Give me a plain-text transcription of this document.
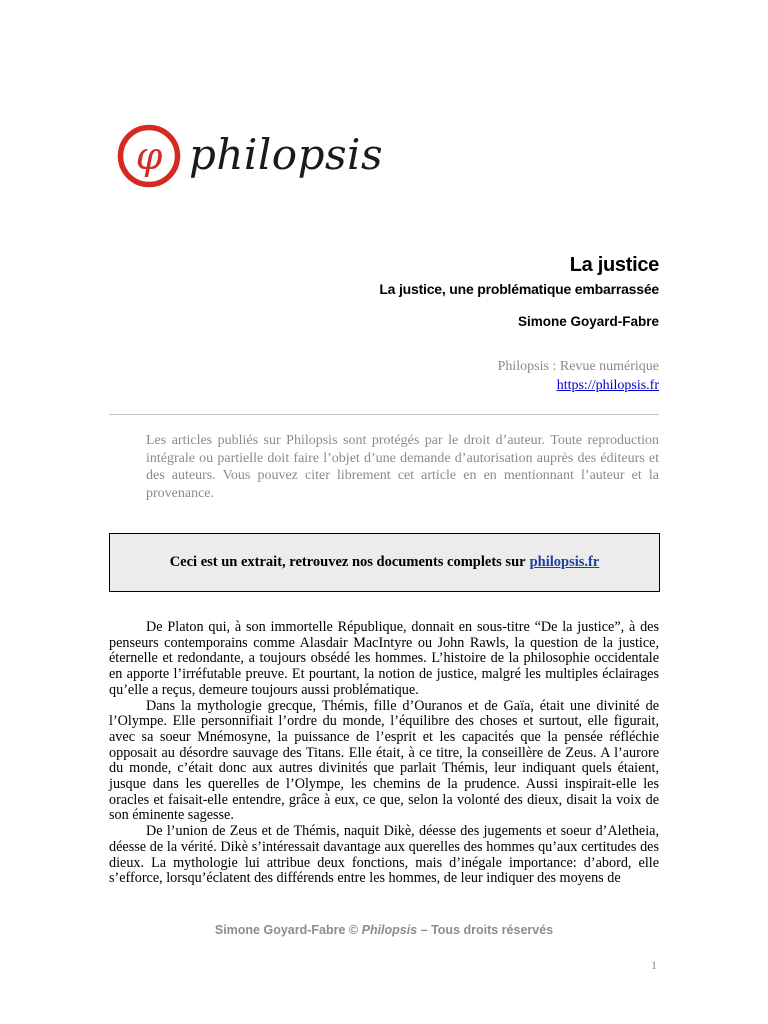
φ philopsis
La justice
La justice, une problématique embarrassée
Simone Goyard-Fabre
Philopsis : Revue numérique
https://philopsis.fr
Les articles publiés sur Philopsis sont protégés par le droit d’auteur. Toute reproduction intégrale ou partielle doit faire l’objet d’une demande d’autorisation auprès des éditeurs et des auteurs. Vous pouvez citer librement cet article en en mentionnant l’auteur et la provenance.
Ceci est un extrait, retrouvez nos documents complets sur philopsis.fr

De Platon qui, à son immortelle République, donnait en sous-titre “De la justice”, à des penseurs contemporains comme Alasdair MacIntyre ou John Rawls, la question de la justice, éternelle et redondante, a toujours obsédé les hommes. L’histoire de la philosophie occidentale en apporte l’irréfutable preuve. Et pourtant, la notion de justice, malgré les multiples éclairages qu’elle a reçus, demeure toujours aussi problématique.

Dans la mythologie grecque, Thémis, fille d’Ouranos et de Gaïa, était une divinité de l’Olympe. Elle personnifiait l’ordre du monde, l’équilibre des choses et surtout, elle figurait, avec sa soeur Mnémosyne, la puissance de l’esprit et les capacités que la pensée réfléchie opposait au désordre sauvage des Titans. Elle était, à ce titre, la conseillère de Zeus. A l’aurore du monde, c’était donc aux autres divinités que parlait Thémis, leur indiquant quels étaient, jusque dans les querelles de l’Olympe, les chemins de la prudence. Aussi inspirait-elle les oracles et faisait-elle entendre, grâce à eux, ce que, selon la volonté des dieux, disait la voix de son éminente sagesse.

De l’union de Zeus et de Thémis, naquit Dikè, déesse des jugements et soeur d’Aletheia, déesse de la vérité. Dikè s’intéressait davantage aux querelles des hommes qu’aux certitudes des dieux. La mythologie lui attribue deux fonctions, mais d’inégale importance: d’abord, elle s’efforce, lorsqu’éclatent des différends entre les hommes, de leur indiquer des moyens de

Simone Goyard-Fabre © Philopsis – Tous droits réservés
1
